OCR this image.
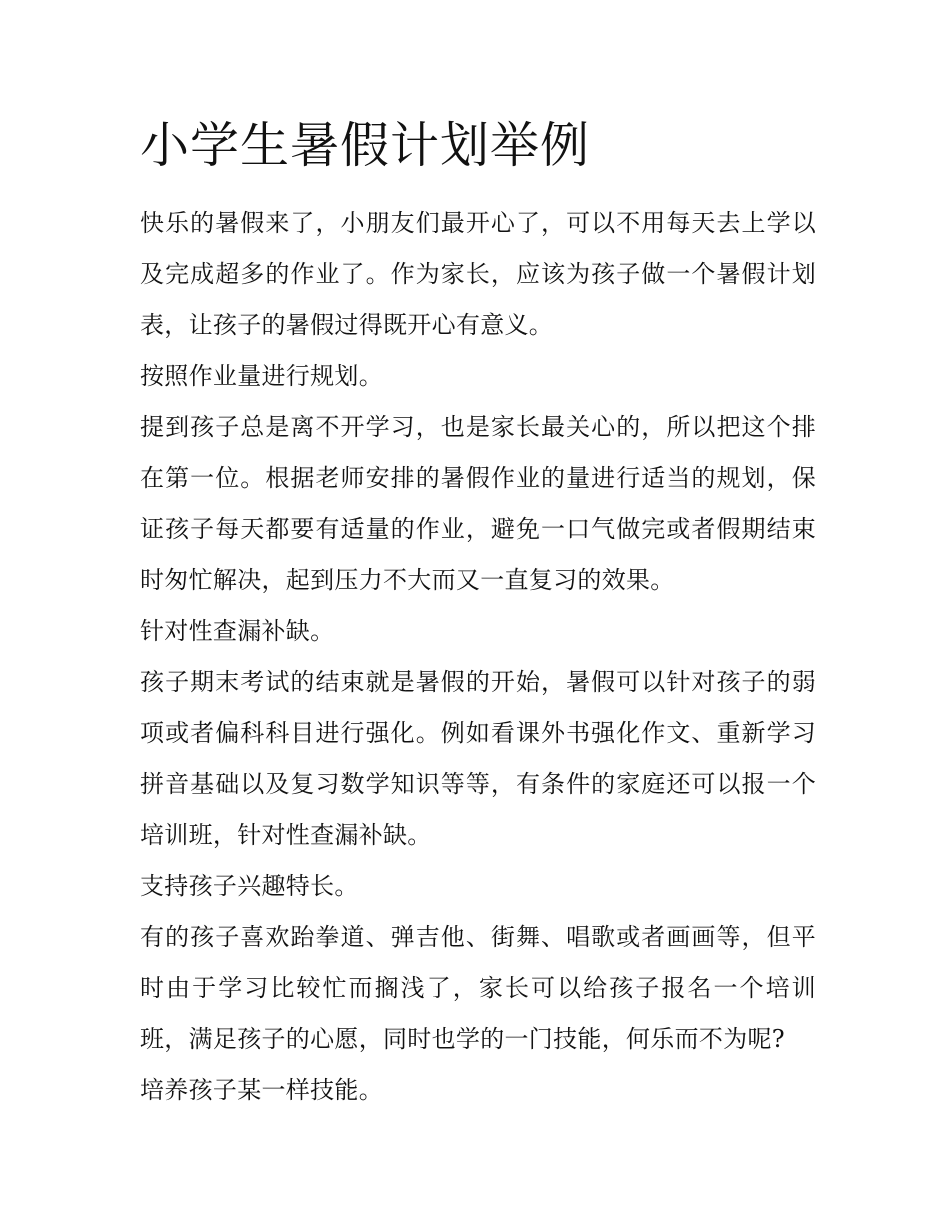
小学生暑假计划举例

快乐的暑假来了，小朋友们最开心了，可以不用每天去上学以及完成超多的作业了。作为家长，应该为孩子做一个暑假计划表，让孩子的暑假过得既开心有意义。

按照作业量进行规划。

提到孩子总是离不开学习，也是家长最关心的，所以把这个排在第一位。根据老师安排的暑假作业的量进行适当的规划，保证孩子每天都要有适量的作业，避免一口气做完或者假期结束时匆忙解决，起到压力不大而又一直复习的效果。

针对性查漏补缺。

孩子期末考试的结束就是暑假的开始，暑假可以针对孩子的弱项或者偏科科目进行强化。例如看课外书强化作文、重新学习拼音基础以及复习数学知识等等，有条件的家庭还可以报一个培训班，针对性查漏补缺。

支持孩子兴趣特长。

有的孩子喜欢跆拳道、弹吉他、街舞、唱歌或者画画等，但平时由于学习比较忙而搁浅了，家长可以给孩子报名一个培训班，满足孩子的心愿，同时也学的一门技能，何乐而不为呢?

培养孩子某一样技能。
